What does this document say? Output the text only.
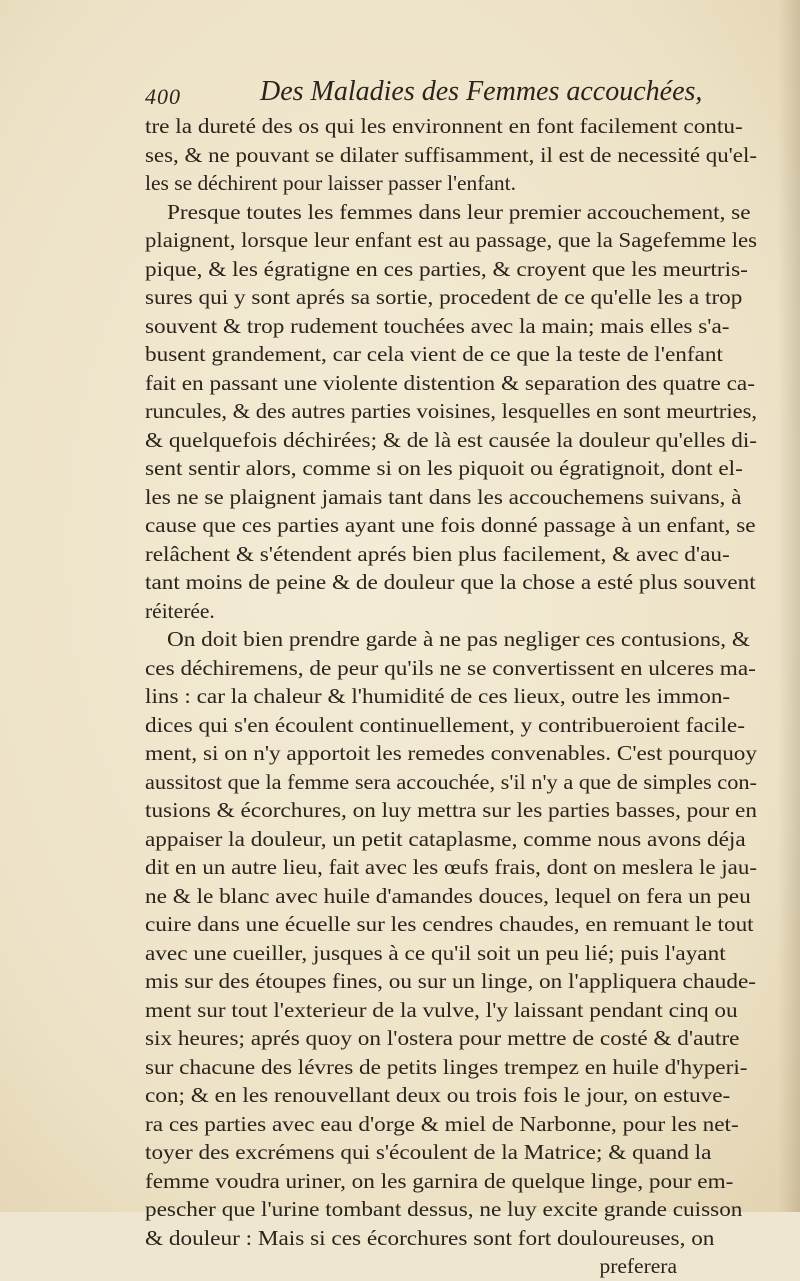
400	Des Maladies des Femmes accouchées,
tre la dureté des os qui les environnent en font facilement contu-
ses, & ne pouvant se dilater suffisamment, il est de necessité qu'el-
les se déchirent pour laisser passer l'enfant.
Presque toutes les femmes dans leur premier accouchement, se
plaignent, lorsque leur enfant est au passage, que la Sagefemme les
pique, & les égratigne en ces parties, & croyent que les meurtris-
sures qui y sont aprés sa sortie, procedent de ce qu'elle les a trop
souvent & trop rudement touchées avec la main; mais elles s'a-
busent grandement, car cela vient de ce que la teste de l'enfant
fait en passant une violente distention & separation des quatre ca-
runcules, & des autres parties voisines, lesquelles en sont meurtries,
& quelquefois déchirées; & de là est causée la douleur qu'elles di-
sent sentir alors, comme si on les piquoit ou égratignoit, dont el-
les ne se plaignent jamais tant dans les accouchemens suivans, à
cause que ces parties ayant une fois donné passage à un enfant, se
relâchent & s'étendent aprés bien plus facilement, & avec d'au-
tant moins de peine & de douleur que la chose a esté plus souvent
réiterée.
On doit bien prendre garde à ne pas negliger ces contusions, &
ces déchiremens, de peur qu'ils ne se convertissent en ulceres ma-
lins : car la chaleur & l'humidité de ces lieux, outre les immon-
dices qui s'en écoulent continuellement, y contribueroient facile-
ment, si on n'y apportoit les remedes convenables. C'est pourquoy
aussitost que la femme sera accouchée, s'il n'y a que de simples con-
tusions & écorchures, on luy mettra sur les parties basses, pour en
appaiser la douleur, un petit cataplasme, comme nous avons déja
dit en un autre lieu, fait avec les œufs frais, dont on meslera le jau-
ne & le blanc avec huile d'amandes douces, lequel on fera un peu
cuire dans une écuelle sur les cendres chaudes, en remuant le tout
avec une cueiller, jusques à ce qu'il soit un peu lié; puis l'ayant
mis sur des étoupes fines, ou sur un linge, on l'appliquera chaude-
ment sur tout l'exterieur de la vulve, l'y laissant pendant cinq ou
six heures; aprés quoy on l'ostera pour mettre de costé & d'autre
sur chacune des lévres de petits linges trempez en huile d'hyperi-
con; & en les renouvellant deux ou trois fois le jour, on estuve-
ra ces parties avec eau d'orge & miel de Narbonne, pour les net-
toyer des excrémens qui s'écoulent de la Matrice; & quand la
femme voudra uriner, on les garnira de quelque linge, pour em-
pescher que l'urine tombant dessus, ne luy excite grande cuisson
& douleur : Mais si ces écorchures sont fort douloureuses, on
preferera
